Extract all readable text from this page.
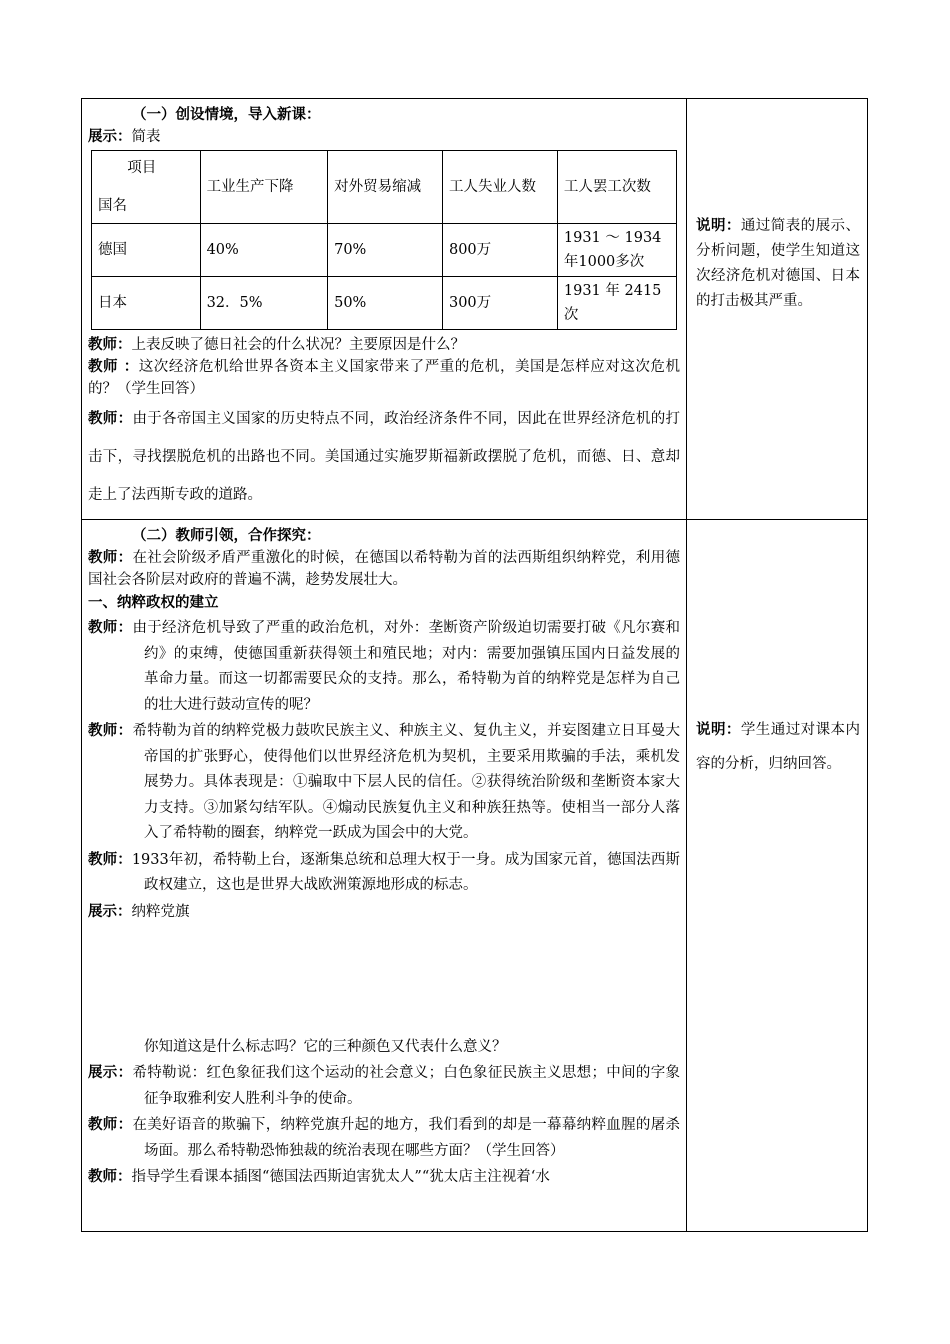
（一）创设情境，导入新课：
展示：简表
项目
国名
	工业生产下降	对外贸易缩减	工人失业人数	工人罢工次数
德国	40%	70%	800万	1931 ～ 1934年1000多次
日本	32．5%	50%	300万	1931 年 2415次

教师：上表反映了德日社会的什么状况？主要原因是什么？

教师 ：这次经济危机给世界各资本主义国家带来了严重的危机，美国是怎样应对这次危机的？（学生回答）

教师：由于各帝国主义国家的历史特点不同，政治经济条件不同，因此在世界经济危机的打击下，寻找摆脱危机的出路也不同。美国通过实施罗斯福新政摆脱了危机，而德、日、意却走上了法西斯专政的道路。

说明：通过简表的展示、分析问题，使学生知道这次经济危机对德国、日本的打击极其严重。

（二）教师引领，合作探究：

教师：在社会阶级矛盾严重激化的时候，在德国以希特勒为首的法西斯组织纳粹党，利用德国社会各阶层对政府的普遍不满，趁势发展壮大。

一、纳粹政权的建立

教师：由于经济危机导致了严重的政治危机，对外：垄断资产阶级迫切需要打破《凡尔赛和约》的束缚，使德国重新获得领土和殖民地；对内：需要加强镇压国内日益发展的革命力量。而这一切都需要民众的支持。那么，希特勒为首的纳粹党是怎样为自己的壮大进行鼓动宣传的呢？

教师：希特勒为首的纳粹党极力鼓吹民族主义、种族主义、复仇主义，并妄图建立日耳曼大帝国的扩张野心，使得他们以世界经济危机为契机，主要采用欺骗的手法，乘机发展势力。具体表现是：①骗取中下层人民的信任。②获得统治阶级和垄断资本家大力支持。③加紧勾结军队。④煽动民族复仇主义和种族狂热等。使相当一部分人落入了希特勒的圈套，纳粹党一跃成为国会中的大党。

教师：1933年初，希特勒上台，逐渐集总统和总理大权于一身。成为国家元首，德国法西斯政权建立，这也是世界大战欧洲策源地形成的标志。

展示：纳粹党旗

你知道这是什么标志吗？它的三种颜色又代表什么意义？

展示：希特勒说：红色象征我们这个运动的社会意义；白色象征民族主义思想；中间的字象征争取雅利安人胜利斗争的使命。

教师：在美好语音的欺骗下，纳粹党旗升起的地方，我们看到的却是一幕幕纳粹血腥的屠杀场面。那么希特勒恐怖独裁的统治表现在哪些方面？（学生回答）

教师：指导学生看课本插图“德国法西斯迫害犹太人”“犹太店主注视着‘水

说明：学生通过对课本内容的分析，归纳回答。
